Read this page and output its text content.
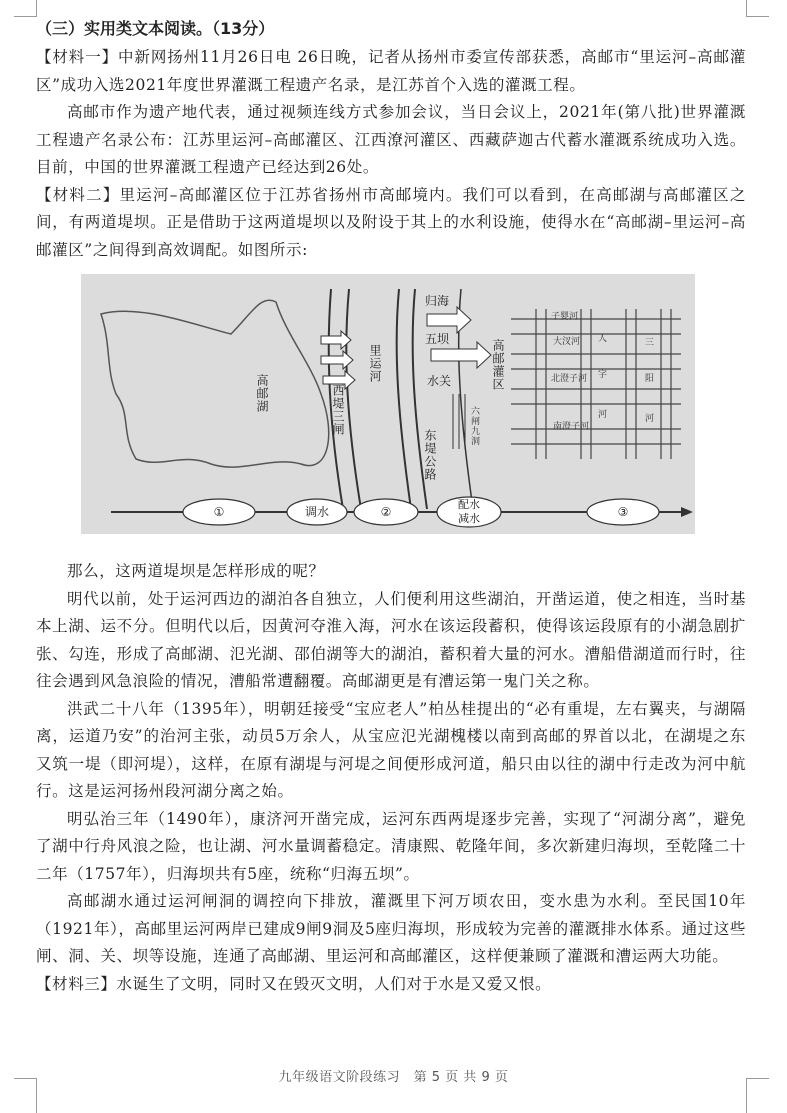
（三）实用类文本阅读。（13分）

【材料一】中新网扬州11月26日电 26日晚，记者从扬州市委宣传部获悉，高邮市“里运河–高邮灌区”成功入选2021年度世界灌溉工程遗产名录，是江苏首个入选的灌溉工程。

高邮市作为遗产地代表，通过视频连线方式参加会议，当日会议上，2021年(第八批)世界灌溉工程遗产名录公布：江苏里运河–高邮灌区、江西潦河灌区、西藏萨迦古代蓄水灌溉系统成功入选。目前，中国的世界灌溉工程遗产已经达到26处。

【材料二】里运河–高邮灌区位于江苏省扬州市高邮境内。我们可以看到，在高邮湖与高邮灌区之间，有两道堤坝。正是借助于这两道堤坝以及附设于其上的水利设施，使得水在“高邮湖–里运河–高邮灌区”之间得到高效调配。如图所示:

高邮湖	西堤三闸
里运河
归海
五坝
水关
六闸九洞
东堤公路
高邮灌区
子婴河
大汊河
北澄子河
南澄子河
人
字
三
阳
河	河
①	调水	②
配水减水	③

那么，这两道堤坝是怎样形成的呢？

明代以前，处于运河西边的湖泊各自独立，人们便利用这些湖泊，开凿运道，使之相连，当时基本上湖、运不分。但明代以后，因黄河夺淮入海，河水在该运段蓄积，使得该运段原有的小湖急剧扩张、勾连，形成了高邮湖、氾光湖、邵伯湖等大的湖泊，蓄积着大量的河水。漕船借湖道而行时，往往会遇到风急浪险的情况，漕船常遭翻覆。高邮湖更是有漕运第一鬼门关之称。

洪武二十八年（1395年），明朝廷接受“宝应老人”柏丛桂提出的“必有重堤，左右翼夹，与湖隔离，运道乃安”的治河主张，动员5万余人，从宝应氾光湖槐楼以南到高邮的界首以北，在湖堤之东又筑一堤（即河堤），这样，在原有湖堤与河堤之间便形成河道，船只由以往的湖中行走改为河中航行。这是运河扬州段河湖分离之始。

明弘治三年（1490年），康济河开凿完成，运河东西两堤逐步完善，实现了“河湖分离”，避免了湖中行舟风浪之险，也让湖、河水量调蓄稳定。清康熙、乾隆年间，多次新建归海坝，至乾隆二十二年（1757年），归海坝共有5座，统称“归海五坝”。

高邮湖水通过运河闸洞的调控向下排放，灌溉里下河万顷农田，变水患为水利。至民国10年（1921年），高邮里运河两岸已建成9闸9洞及5座归海坝，形成较为完善的灌溉排水体系。通过这些闸、洞、关、坝等设施，连通了高邮湖、里运河和高邮灌区，这样便兼顾了灌溉和漕运两大功能。

【材料三】水诞生了文明，同时又在毁灭文明，人们对于水是又爱又恨。

九年级语文阶段练习　第 5 页 共 9 页
